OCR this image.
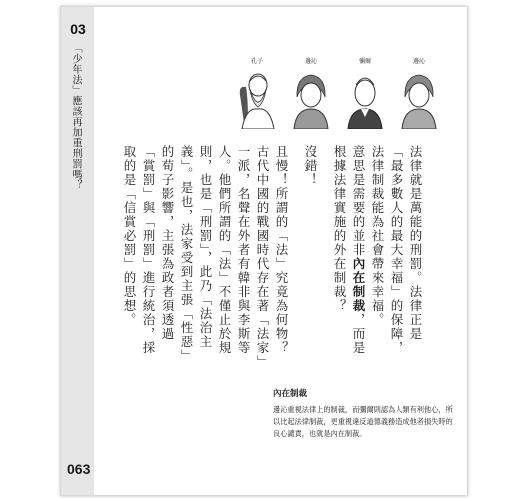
03
「少年法」應該再加重刑罰嗎？
063
孔子	邊沁	彌爾	邊沁

法律就是萬能的刑罰。法律正是「最多數人的最大幸福」的保障，法律制裁能為社會帶來幸福。

意思是需要的並非內在制裁，而是根據法律實施的外在制裁？

沒錯！

且慢！所謂的「法」究竟為何物？古代中國的戰國時代存在著「法家」一派，名聲在外者有韓非與李斯等人。他們所謂的「法」不僅止於規則，也是「刑罰」，此乃「法治主義」。是也，法家受到主張「性惡」的荀子影響，主張為政者須透過「賞罰」與「刑罰」進行統治，採取的是「信賞必罰」的思想。

內在制裁
邊沁重視法律上的制裁，而彌爾則認為人類有利他心，所以比起法律制裁，更重視違反道德義務造成他者損失時的良心譴責，也就是內在制裁。
